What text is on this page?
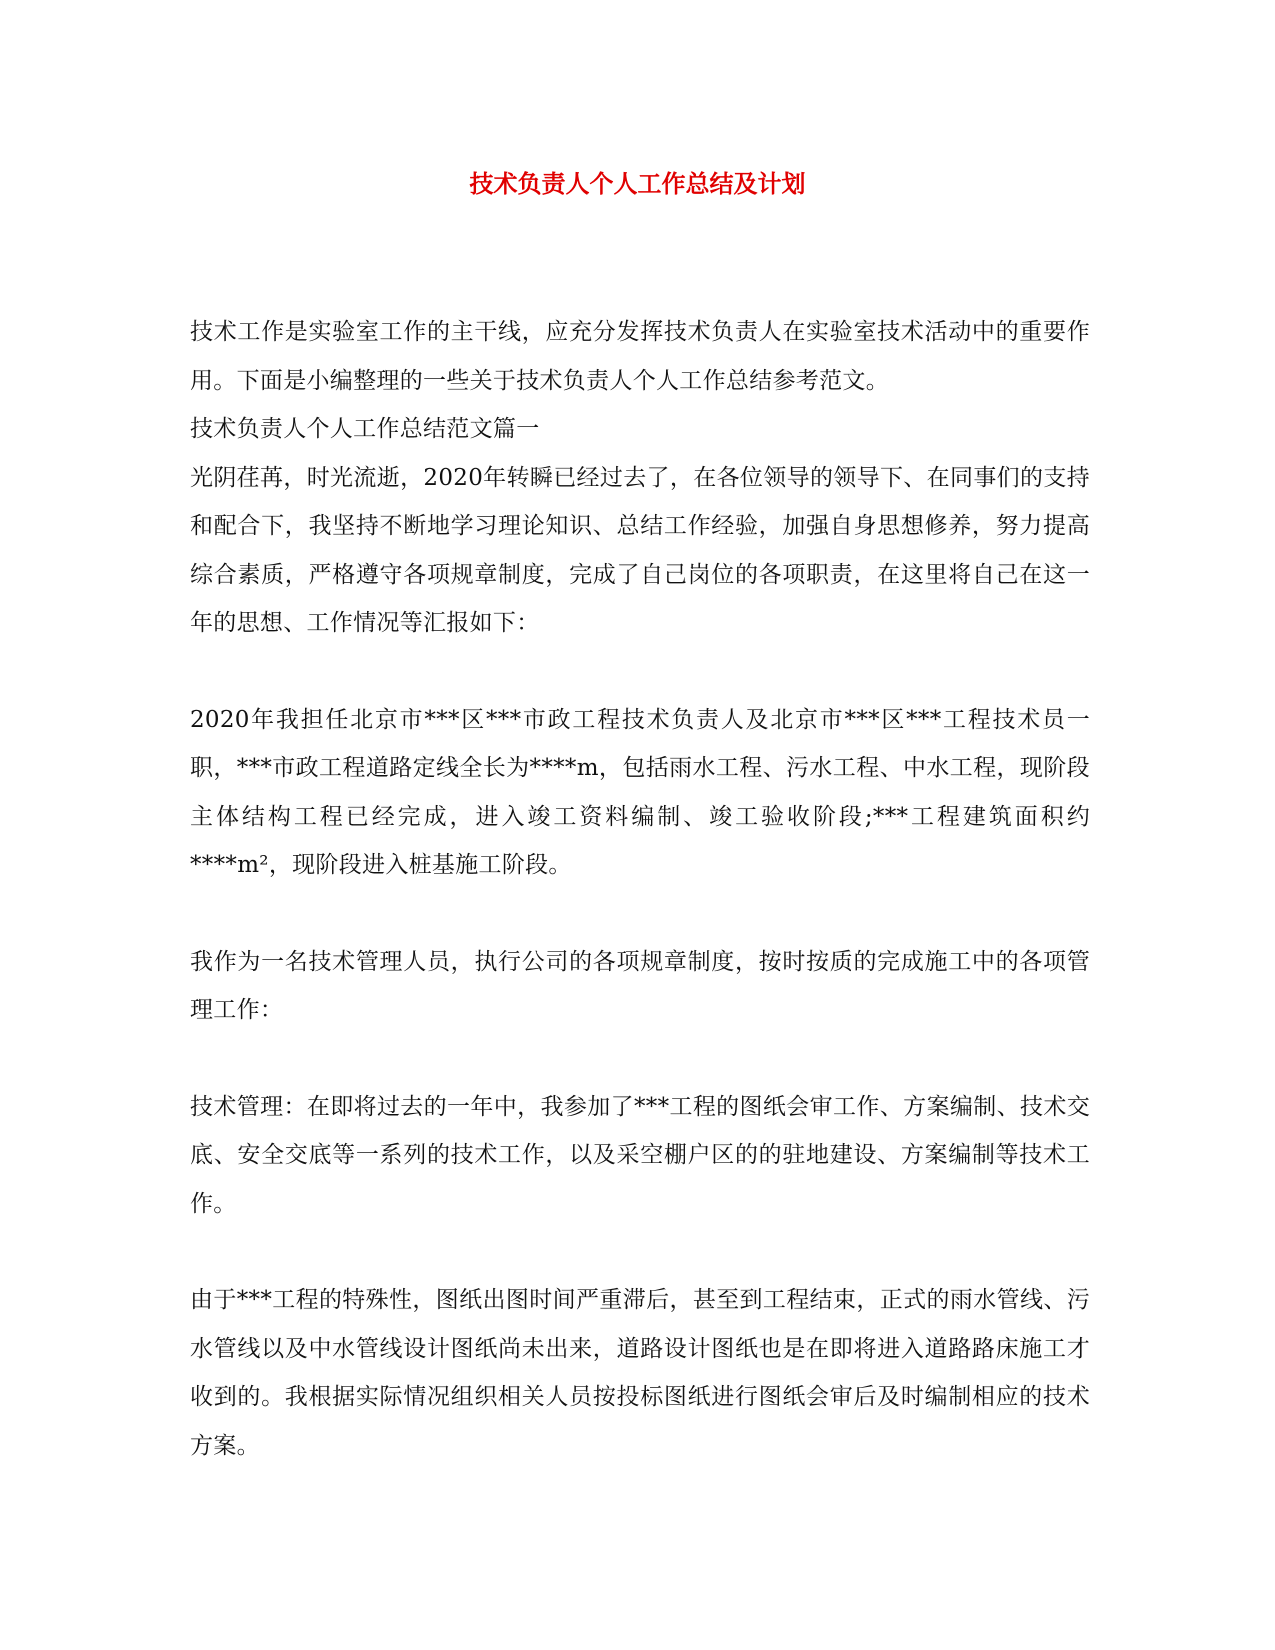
技术负责人个人工作总结及计划

技术工作是实验室工作的主干线，应充分发挥技术负责人在实验室技术活动中的重要作用。下面是小编整理的一些关于技术负责人个人工作总结参考范文。

技术负责人个人工作总结范文篇一

光阴荏苒，时光流逝，2020年转瞬已经过去了，在各位领导的领导下、在同事们的支持和配合下，我坚持不断地学习理论知识、总结工作经验，加强自身思想修养，努力提高综合素质，严格遵守各项规章制度，完成了自己岗位的各项职责，在这里将自己在这一年的思想、工作情况等汇报如下：

2020年我担任北京市***区***市政工程技术负责人及北京市***区***工程技术员一职，***市政工程道路定线全长为****m，包括雨水工程、污水工程、中水工程，现阶段主体结构工程已经完成，进入竣工资料编制、竣工验收阶段;***工程建筑面积约****m²，现阶段进入桩基施工阶段。

我作为一名技术管理人员，执行公司的各项规章制度，按时按质的完成施工中的各项管理工作：

技术管理：在即将过去的一年中，我参加了***工程的图纸会审工作、方案编制、技术交底、安全交底等一系列的技术工作，以及采空棚户区的的驻地建设、方案编制等技术工作。

由于***工程的特殊性，图纸出图时间严重滞后，甚至到工程结束，正式的雨水管线、污水管线以及中水管线设计图纸尚未出来，道路设计图纸也是在即将进入道路路床施工才收到的。我根据实际情况组织相关人员按投标图纸进行图纸会审后及时编制相应的技术方案。
